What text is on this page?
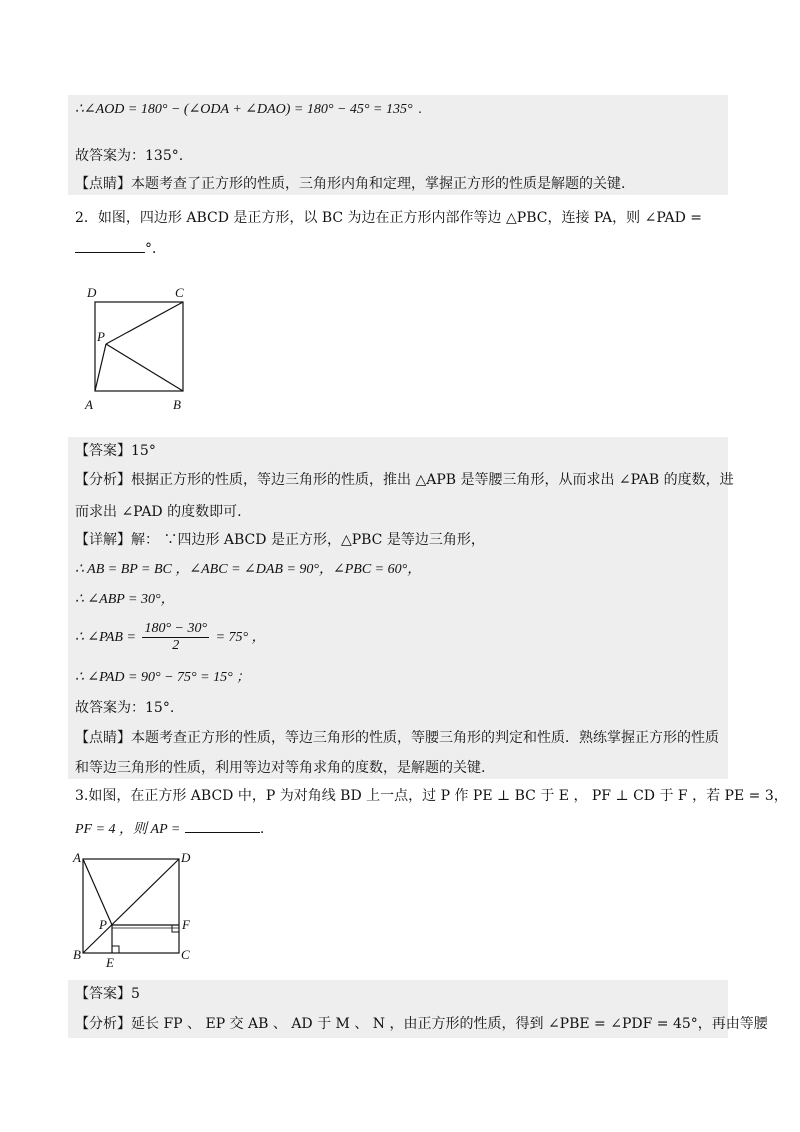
∴∠AOD = 180° − (∠ODA + ∠DAO) = 180° − 45° = 135° .
故答案为：135°.
【点睛】本题考查了正方形的性质，三角形内角和定理，掌握正方形的性质是解题的关键.
2．如图，四边形 ABCD 是正方形，以 BC 为边在正方形内部作等边 △PBC，连接 PA，则 ∠PAD =
°．
D	C
P
A	B
【答案】15°
【分析】根据正方形的性质，等边三角形的性质，推出 △APB 是等腰三角形，从而求出 ∠PAB 的度数，进
而求出 ∠PAD 的度数即可.
【详解】解： ∵四边形 ABCD 是正方形，△PBC 是等边三角形，
∴ AB = BP = BC ，∠ABC = ∠DAB = 90°，∠PBC = 60°，
∴ ∠ABP = 30°，
∴ ∠PAB = $\frac{180^\circ - 30^\circ}{2} = 75^\circ$ ，
∴ ∠PAD = 90° − 75° = 15° ；
故答案为：15°.
【点睛】本题考查正方形的性质，等边三角形的性质，等腰三角形的判定和性质．熟练掌握正方形的性质
和等边三角形的性质，利用等边对等角求角的度数，是解题的关键.
3.如图，在正方形 ABCD 中，P 为对角线 BD 上一点，过 P 作 PE ⊥ BC 于 E ， PF ⊥ CD 于 F ，若 PE = 3，
PF = 4 ，则 AP =	.
A	D
P	F
B
E
C
【答案】5
【分析】延长 FP 、 EP 交 AB 、 AD 于 M 、 N ，由正方形的性质，得到 ∠PBE = ∠PDF = 45°，再由等腰
